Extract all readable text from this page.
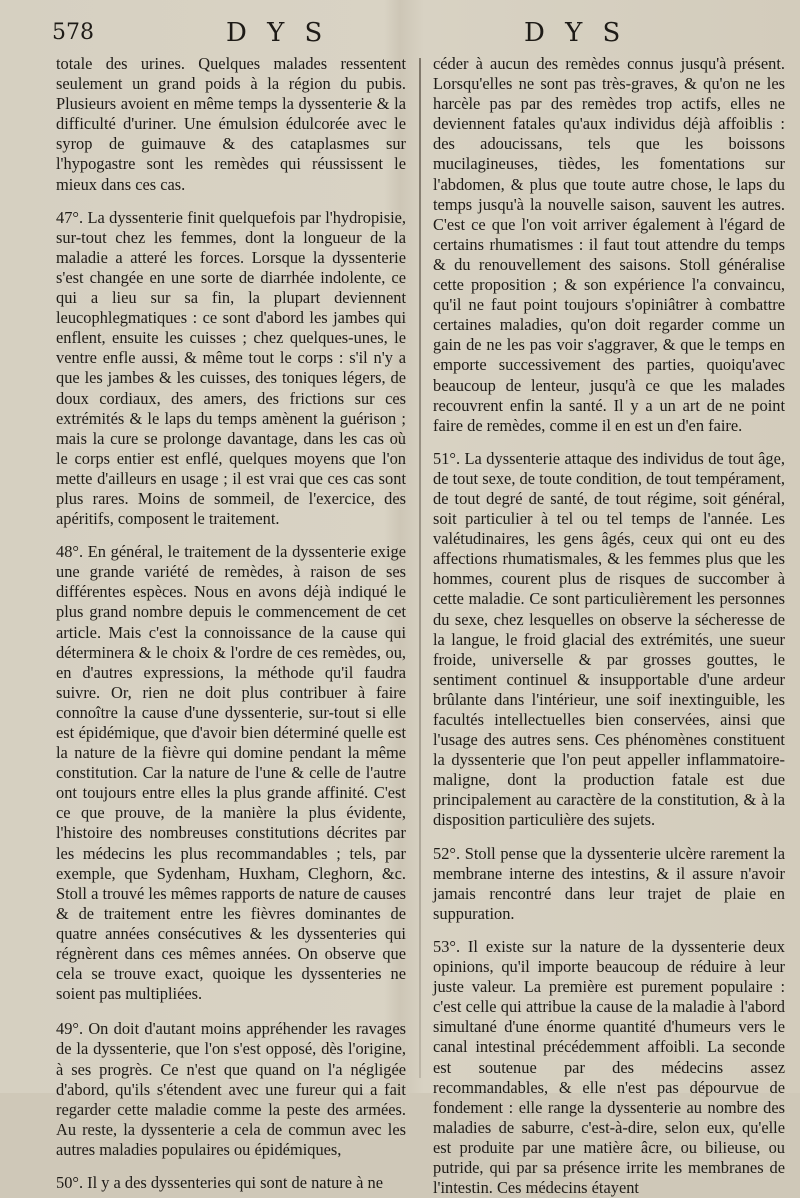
578	D Y S	D Y S

totale des urines. Quelques malades ressentent seulement un grand poids à la région du pubis. Plusieurs avoient en même temps la dyssenterie & la difficulté d'uriner. Une émulsion édulcorée avec le syrop de guimauve & des cataplasmes sur l'hypogastre sont les remèdes qui réussissent le mieux dans ces cas.

47°. La dyssenterie finit quelquefois par l'hydropisie, sur-tout chez les femmes, dont la longueur de la maladie a atteré les forces. Lorsque la dyssenterie s'est changée en une sorte de diarrhée indolente, ce qui a lieu sur sa fin, la plupart deviennent leucophlegmatiques : ce sont d'abord les jambes qui enflent, ensuite les cuisses ; chez quelques-unes, le ventre enfle aussi, & même tout le corps : s'il n'y a que les jambes & les cuisses, des toniques légers, de doux cordiaux, des amers, des frictions sur ces extrémités & le laps du temps amènent la guérison ; mais la cure se prolonge davantage, dans les cas où le corps entier est enflé, quelques moyens que l'on mette d'ailleurs en usage ; il est vrai que ces cas sont plus rares. Moins de sommeil, de l'exercice, des apéritifs, composent le traitement.

48°. En général, le traitement de la dyssenterie exige une grande variété de remèdes, à raison de ses différentes espèces. Nous en avons déjà indiqué le plus grand nombre depuis le commencement de cet article. Mais c'est la connoissance de la cause qui déterminera & le choix & l'ordre de ces remèdes, ou, en d'autres expressions, la méthode qu'il faudra suivre. Or, rien ne doit plus contribuer à faire connoître la cause d'une dyssenterie, sur-tout si elle est épidémique, que d'avoir bien déterminé quelle est la nature de la fièvre qui domine pendant la même constitution. Car la nature de l'une & celle de l'autre ont toujours entre elles la plus grande affinité. C'est ce que prouve, de la manière la plus évidente, l'histoire des nombreuses constitutions décrites par les médecins les plus recommandables ; tels, par exemple, que Sydenham, Huxham, Cleghorn, &c. Stoll a trouvé les mêmes rapports de nature de causes & de traitement entre les fièvres dominantes de quatre années consécutives & les dyssenteries qui régnèrent dans ces mêmes années. On observe que cela se trouve exact, quoique les dyssenteries ne soient pas multipliées.

49°. On doit d'autant moins appréhender les ravages de la dyssenterie, que l'on s'est opposé, dès l'origine, à ses progrès. Ce n'est que quand on l'a négligée d'abord, qu'ils s'étendent avec une fureur qui a fait regarder cette maladie comme la peste des armées. Au reste, la dyssenterie a cela de commun avec les autres maladies populaires ou épidémiques,

50°. Il y a des dyssenteries qui sont de nature à ne

céder à aucun des remèdes connus jusqu'à présent. Lorsqu'elles ne sont pas très-graves, & qu'on ne les harcèle pas par des remèdes trop actifs, elles ne deviennent fatales qu'aux individus déjà affoiblis : des adoucissans, tels que les boissons mucilagineuses, tièdes, les fomentations sur l'abdomen, & plus que toute autre chose, le laps du temps jusqu'à la nouvelle saison, sauvent les autres. C'est ce que l'on voit arriver également à l'égard de certains rhumatismes : il faut tout attendre du temps & du renouvellement des saisons. Stoll généralise cette proposition ; & son expérience l'a convaincu, qu'il ne faut point toujours s'opiniâtrer à combattre certaines maladies, qu'on doit regarder comme un gain de ne les pas voir s'aggraver, & que le temps en emporte successivement des parties, quoiqu'avec beaucoup de lenteur, jusqu'à ce que les malades recouvrent enfin la santé. Il y a un art de ne point faire de remèdes, comme il en est un d'en faire.

51°. La dyssenterie attaque des individus de tout âge, de tout sexe, de toute condition, de tout tempérament, de tout degré de santé, de tout régime, soit général, soit particulier à tel ou tel temps de l'année. Les valétudinaires, les gens âgés, ceux qui ont eu des affections rhumatismales, & les femmes plus que les hommes, courent plus de risques de succomber à cette maladie. Ce sont particulièrement les personnes du sexe, chez lesquelles on observe la sécheresse de la langue, le froid glacial des extrémités, une sueur froide, universelle & par grosses gouttes, le sentiment continuel & insupportable d'une ardeur brûlante dans l'intérieur, une soif inextinguible, les facultés intellectuelles bien conservées, ainsi que l'usage des autres sens. Ces phénomènes constituent la dyssenterie que l'on peut appeller inflammatoire-maligne, dont la production fatale est due principalement au caractère de la constitution, & à la disposition particulière des sujets.

52°. Stoll pense que la dyssenterie ulcère rarement la membrane interne des intestins, & il assure n'avoir jamais rencontré dans leur trajet de plaie en suppuration.

53°. Il existe sur la nature de la dyssenterie deux opinions, qu'il importe beaucoup de réduire à leur juste valeur. La première est purement populaire : c'est celle qui attribue la cause de la maladie à l'abord simultané d'une énorme quantité d'humeurs vers le canal intestinal précédemment affoibli. La seconde est soutenue par des médecins assez recommandables, & elle n'est pas dépourvue de fondement : elle range la dyssenterie au nombre des maladies de saburre, c'est-à-dire, selon eux, qu'elle est produite par une matière âcre, ou bilieuse, ou putride, qui par sa présence irrite les membranes de l'intestin. Ces médecins étayent
